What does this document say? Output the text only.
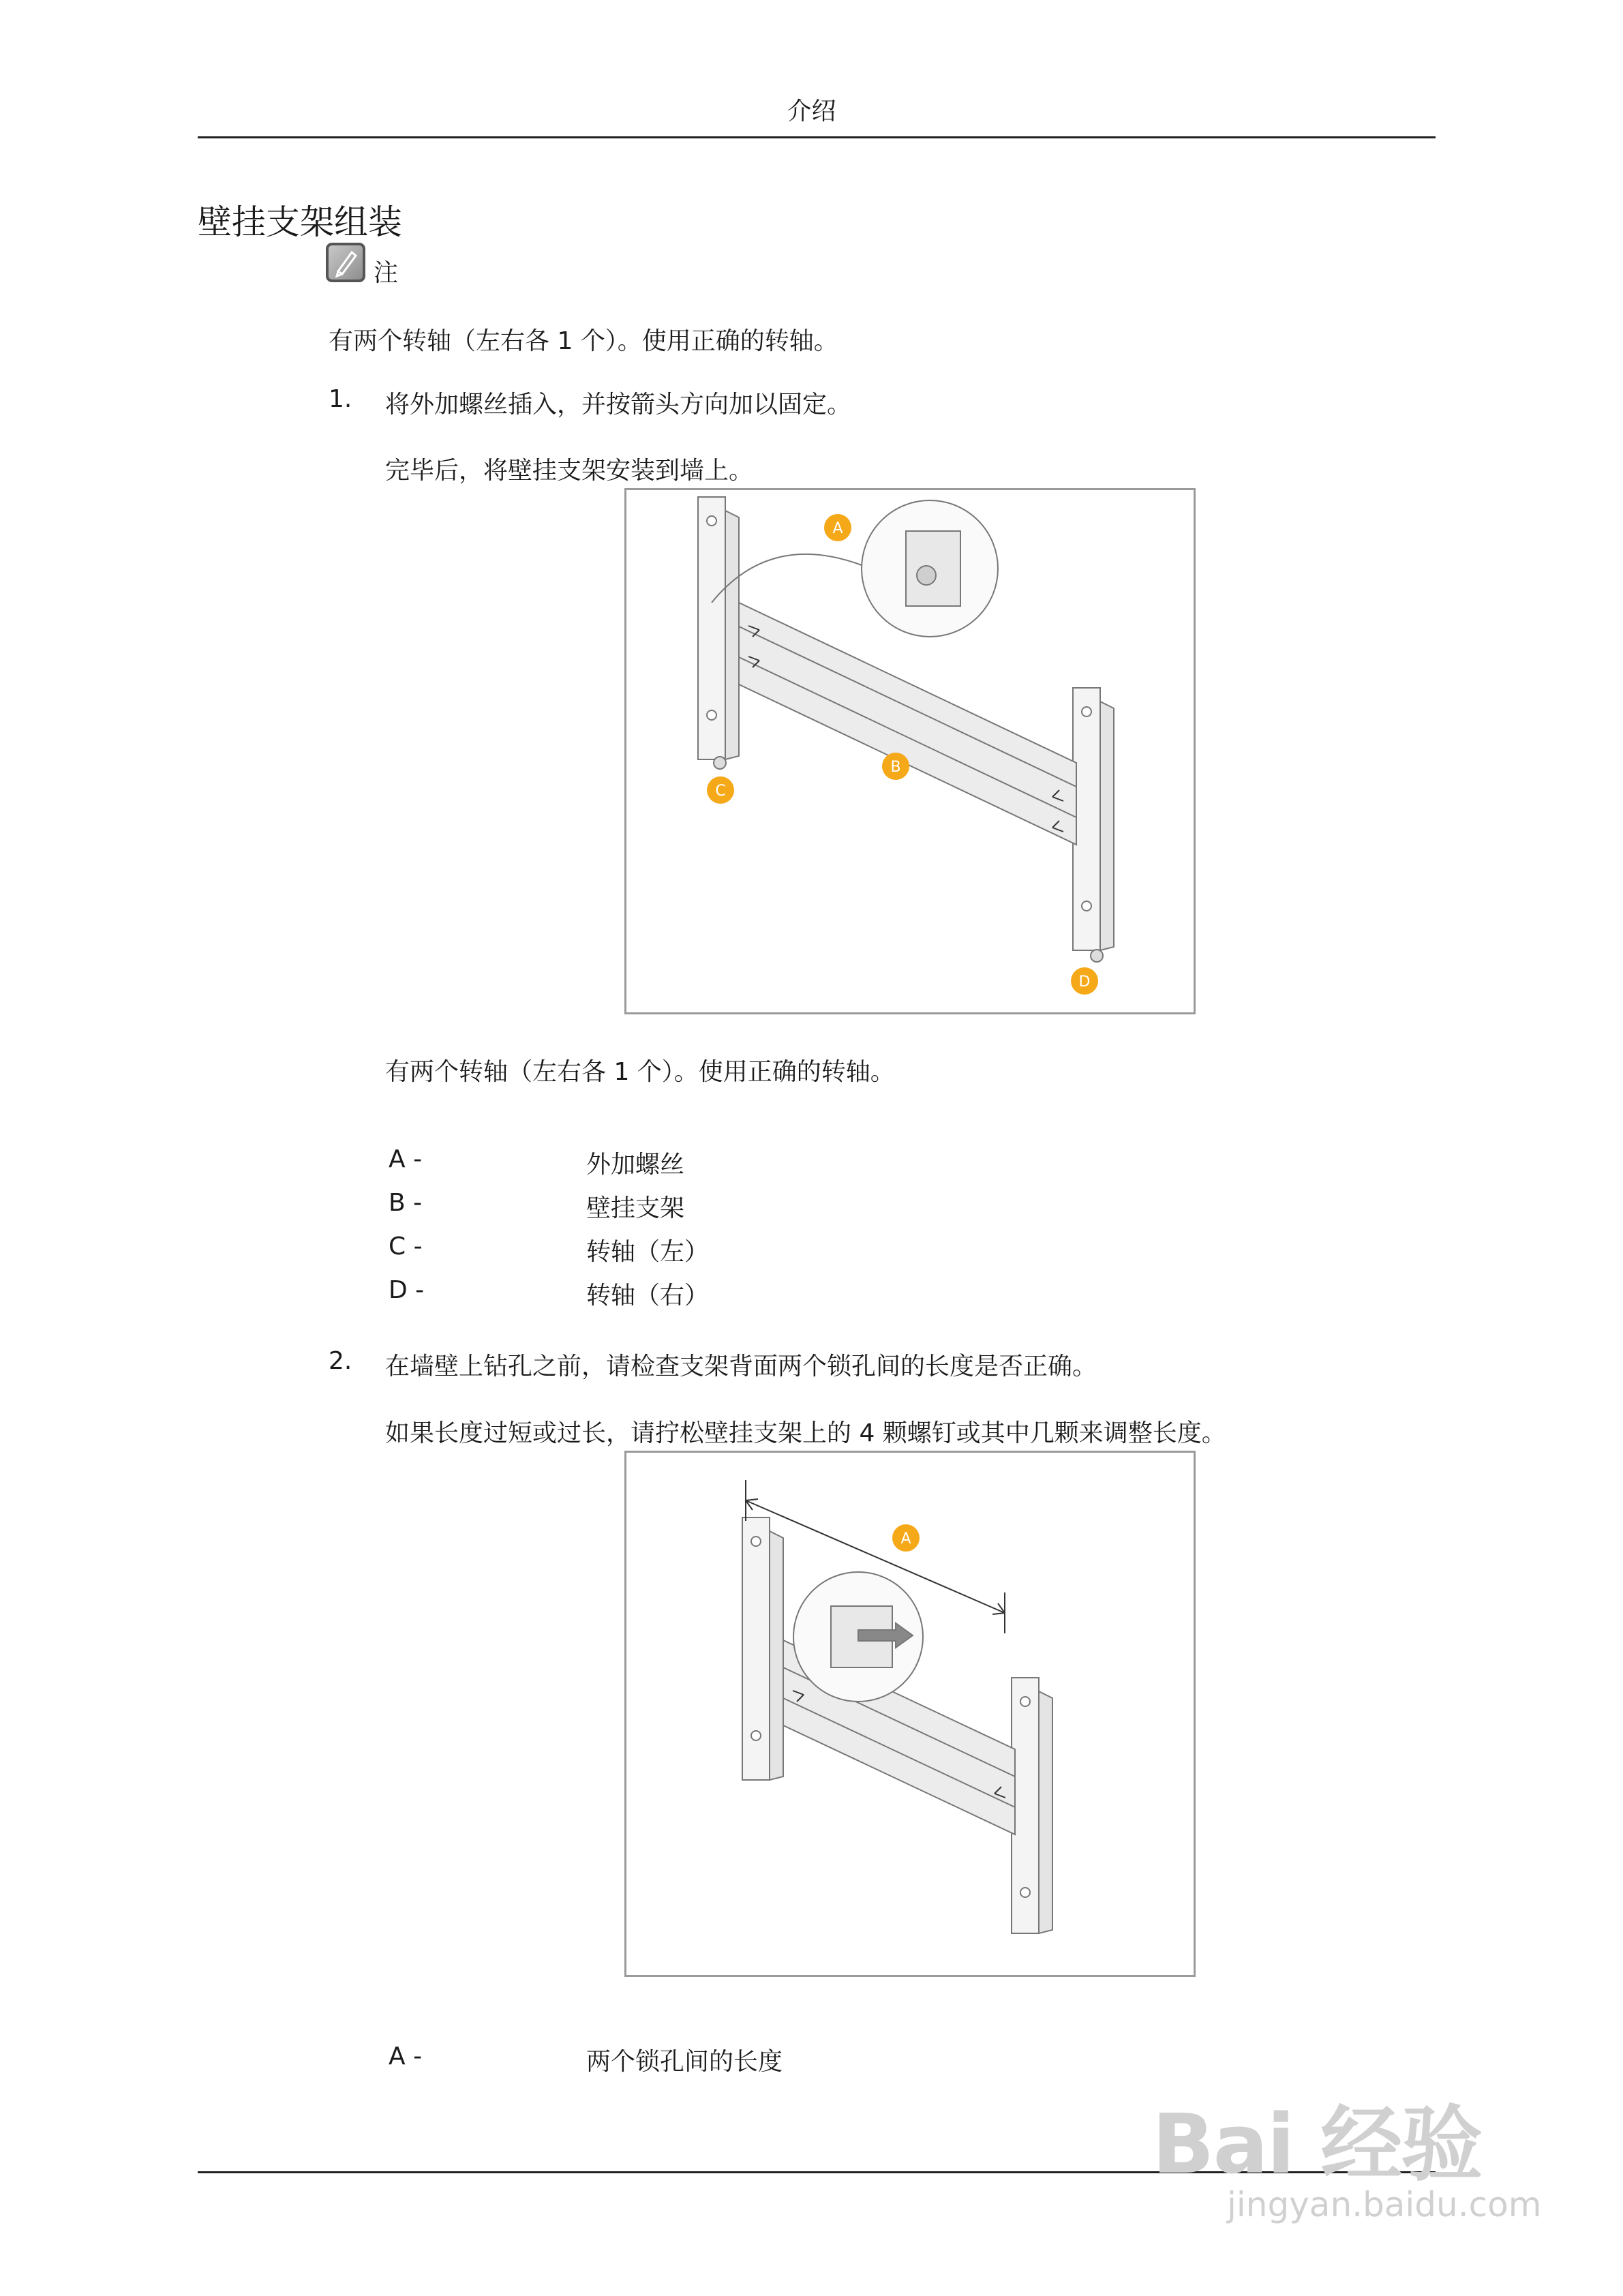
介绍
壁挂支架组装
注
有两个转轴（左右各 1 个）。使用正确的转轴。
1. 将外加螺丝插入，并按箭头方向加以固定。
完毕后，将壁挂支架安装到墙上。
A
B
C
D
有两个转轴（左右各 1 个）。使用正确的转轴。
A -	外加螺丝
B -	壁挂支架
C -	转轴（左）
D -	转轴（右）
2. 在墙壁上钻孔之前，请检查支架背面两个锁孔间的长度是否正确。
如果长度过短或过长，请拧松壁挂支架上的 4 颗螺钉或其中几颗来调整长度。
A
A -	两个锁孔间的长度
Bai 经验
jingyan.baidu.com
